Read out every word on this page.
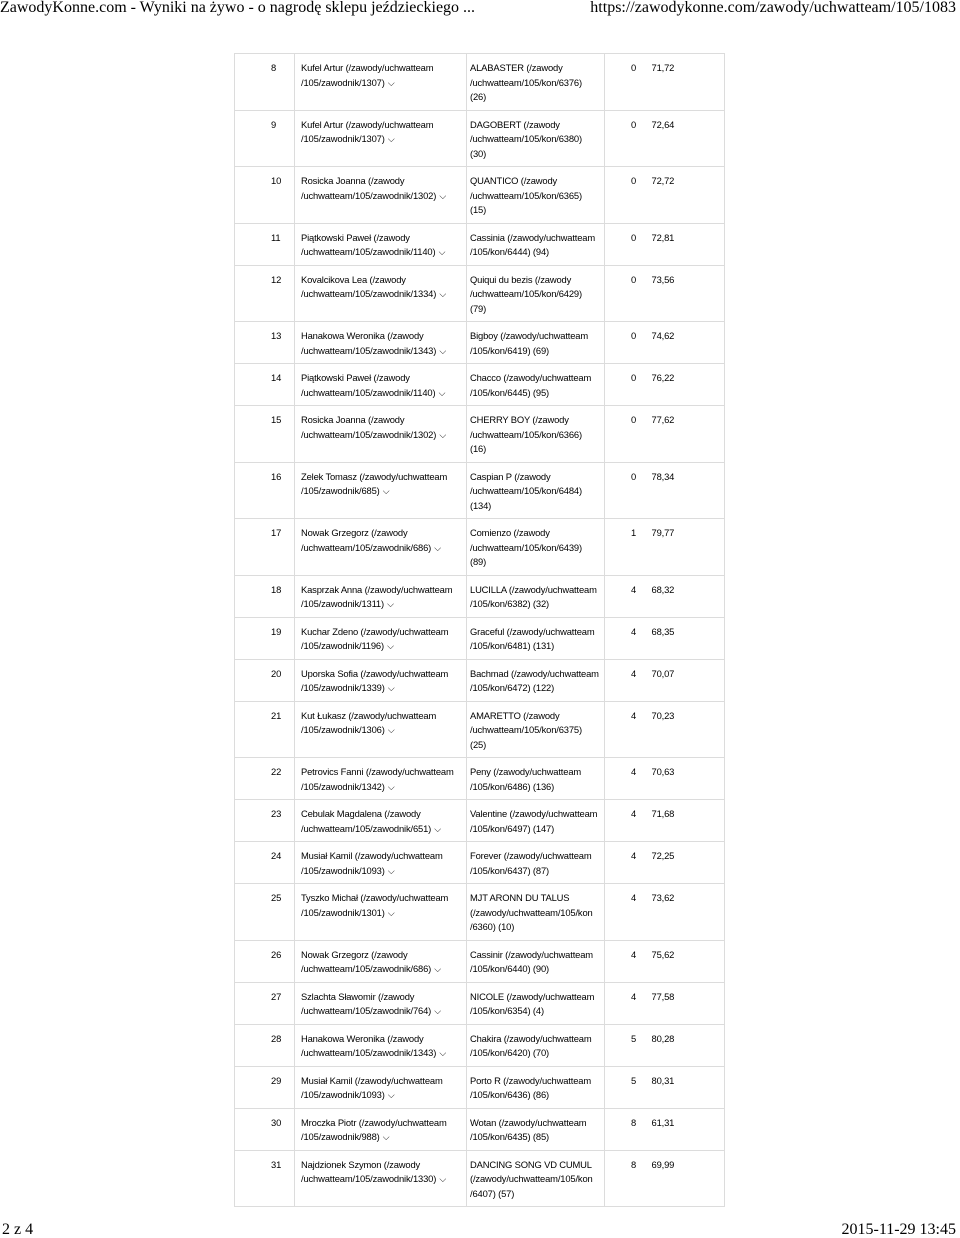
ZawodyKonne.com - Wyniki na żywo - o nagrodę sklepu jeździeckiego ...	https://zawodykonne.com/zawody/uchwatteam/105/1083
8	Kufel Artur (/zawody/uchwatteam
/105/zawodnik/1307) ⌵	ALABASTER (/zawody
/uchwatteam/105/kon/6376)
(26)	0	71,72
9	Kufel Artur (/zawody/uchwatteam
/105/zawodnik/1307) ⌵	DAGOBERT (/zawody
/uchwatteam/105/kon/6380)
(30)	0	72,64
10	Rosicka Joanna (/zawody
/uchwatteam/105/zawodnik/1302) ⌵	QUANTICO (/zawody
/uchwatteam/105/kon/6365)
(15)	0	72,72
11	Piątkowski Paweł (/zawody
/uchwatteam/105/zawodnik/1140) ⌵	Cassinia (/zawody/uchwatteam
/105/kon/6444) (94)	0	72,81
12	Kovalcikova Lea (/zawody
/uchwatteam/105/zawodnik/1334) ⌵	Quiqui du bezis (/zawody
/uchwatteam/105/kon/6429)
(79)	0	73,56
13	Hanakowa Weronika (/zawody
/uchwatteam/105/zawodnik/1343) ⌵	Bigboy (/zawody/uchwatteam
/105/kon/6419) (69)	0	74,62
14	Piątkowski Paweł (/zawody
/uchwatteam/105/zawodnik/1140) ⌵	Chacco (/zawody/uchwatteam
/105/kon/6445) (95)	0	76,22
15	Rosicka Joanna (/zawody
/uchwatteam/105/zawodnik/1302) ⌵	CHERRY BOY (/zawody
/uchwatteam/105/kon/6366)
(16)	0	77,62
16	Zelek Tomasz (/zawody/uchwatteam
/105/zawodnik/685) ⌵	Caspian P (/zawody
/uchwatteam/105/kon/6484)
(134)	0	78,34
17	Nowak Grzegorz (/zawody
/uchwatteam/105/zawodnik/686) ⌵	Comienzo (/zawody
/uchwatteam/105/kon/6439)
(89)	1	79,77
18	Kasprzak Anna (/zawody/uchwatteam
/105/zawodnik/1311) ⌵	LUCILLA (/zawody/uchwatteam
/105/kon/6382) (32)	4	68,32
19	Kuchar Zdeno (/zawody/uchwatteam
/105/zawodnik/1196) ⌵	Graceful (/zawody/uchwatteam
/105/kon/6481) (131)	4	68,35
20	Uporska Sofia (/zawody/uchwatteam
/105/zawodnik/1339) ⌵	Bachmad (/zawody/uchwatteam
/105/kon/6472) (122)	4	70,07
21	Kut Łukasz (/zawody/uchwatteam
/105/zawodnik/1306) ⌵	AMARETTO (/zawody
/uchwatteam/105/kon/6375)
(25)	4	70,23
22	Petrovics Fanni (/zawody/uchwatteam
/105/zawodnik/1342) ⌵	Peny (/zawody/uchwatteam
/105/kon/6486) (136)	4	70,63
23	Cebulak Magdalena (/zawody
/uchwatteam/105/zawodnik/651) ⌵	Valentine (/zawody/uchwatteam
/105/kon/6497) (147)	4	71,68
24	Musiał Kamil (/zawody/uchwatteam
/105/zawodnik/1093) ⌵	Forever (/zawody/uchwatteam
/105/kon/6437) (87)	4	72,25
25	Tyszko Michał (/zawody/uchwatteam
/105/zawodnik/1301) ⌵	MJT ARONN DU TALUS
(/zawody/uchwatteam/105/kon
/6360) (10)	4	73,62
26	Nowak Grzegorz (/zawody
/uchwatteam/105/zawodnik/686) ⌵	Cassinir (/zawody/uchwatteam
/105/kon/6440) (90)	4	75,62
27	Szlachta Sławomir (/zawody
/uchwatteam/105/zawodnik/764) ⌵	NICOLE (/zawody/uchwatteam
/105/kon/6354) (4)	4	77,58
28	Hanakowa Weronika (/zawody
/uchwatteam/105/zawodnik/1343) ⌵	Chakira (/zawody/uchwatteam
/105/kon/6420) (70)	5	80,28
29	Musiał Kamil (/zawody/uchwatteam
/105/zawodnik/1093) ⌵	Porto R (/zawody/uchwatteam
/105/kon/6436) (86)	5	80,31
30	Mroczka Piotr (/zawody/uchwatteam
/105/zawodnik/988) ⌵	Wotan (/zawody/uchwatteam
/105/kon/6435) (85)	8	61,31
31	Najdzionek Szymon (/zawody
/uchwatteam/105/zawodnik/1330) ⌵	DANCING SONG VD CUMUL
(/zawody/uchwatteam/105/kon
/6407) (57)	8	69,99
2 z 4	2015-11-29 13:45
